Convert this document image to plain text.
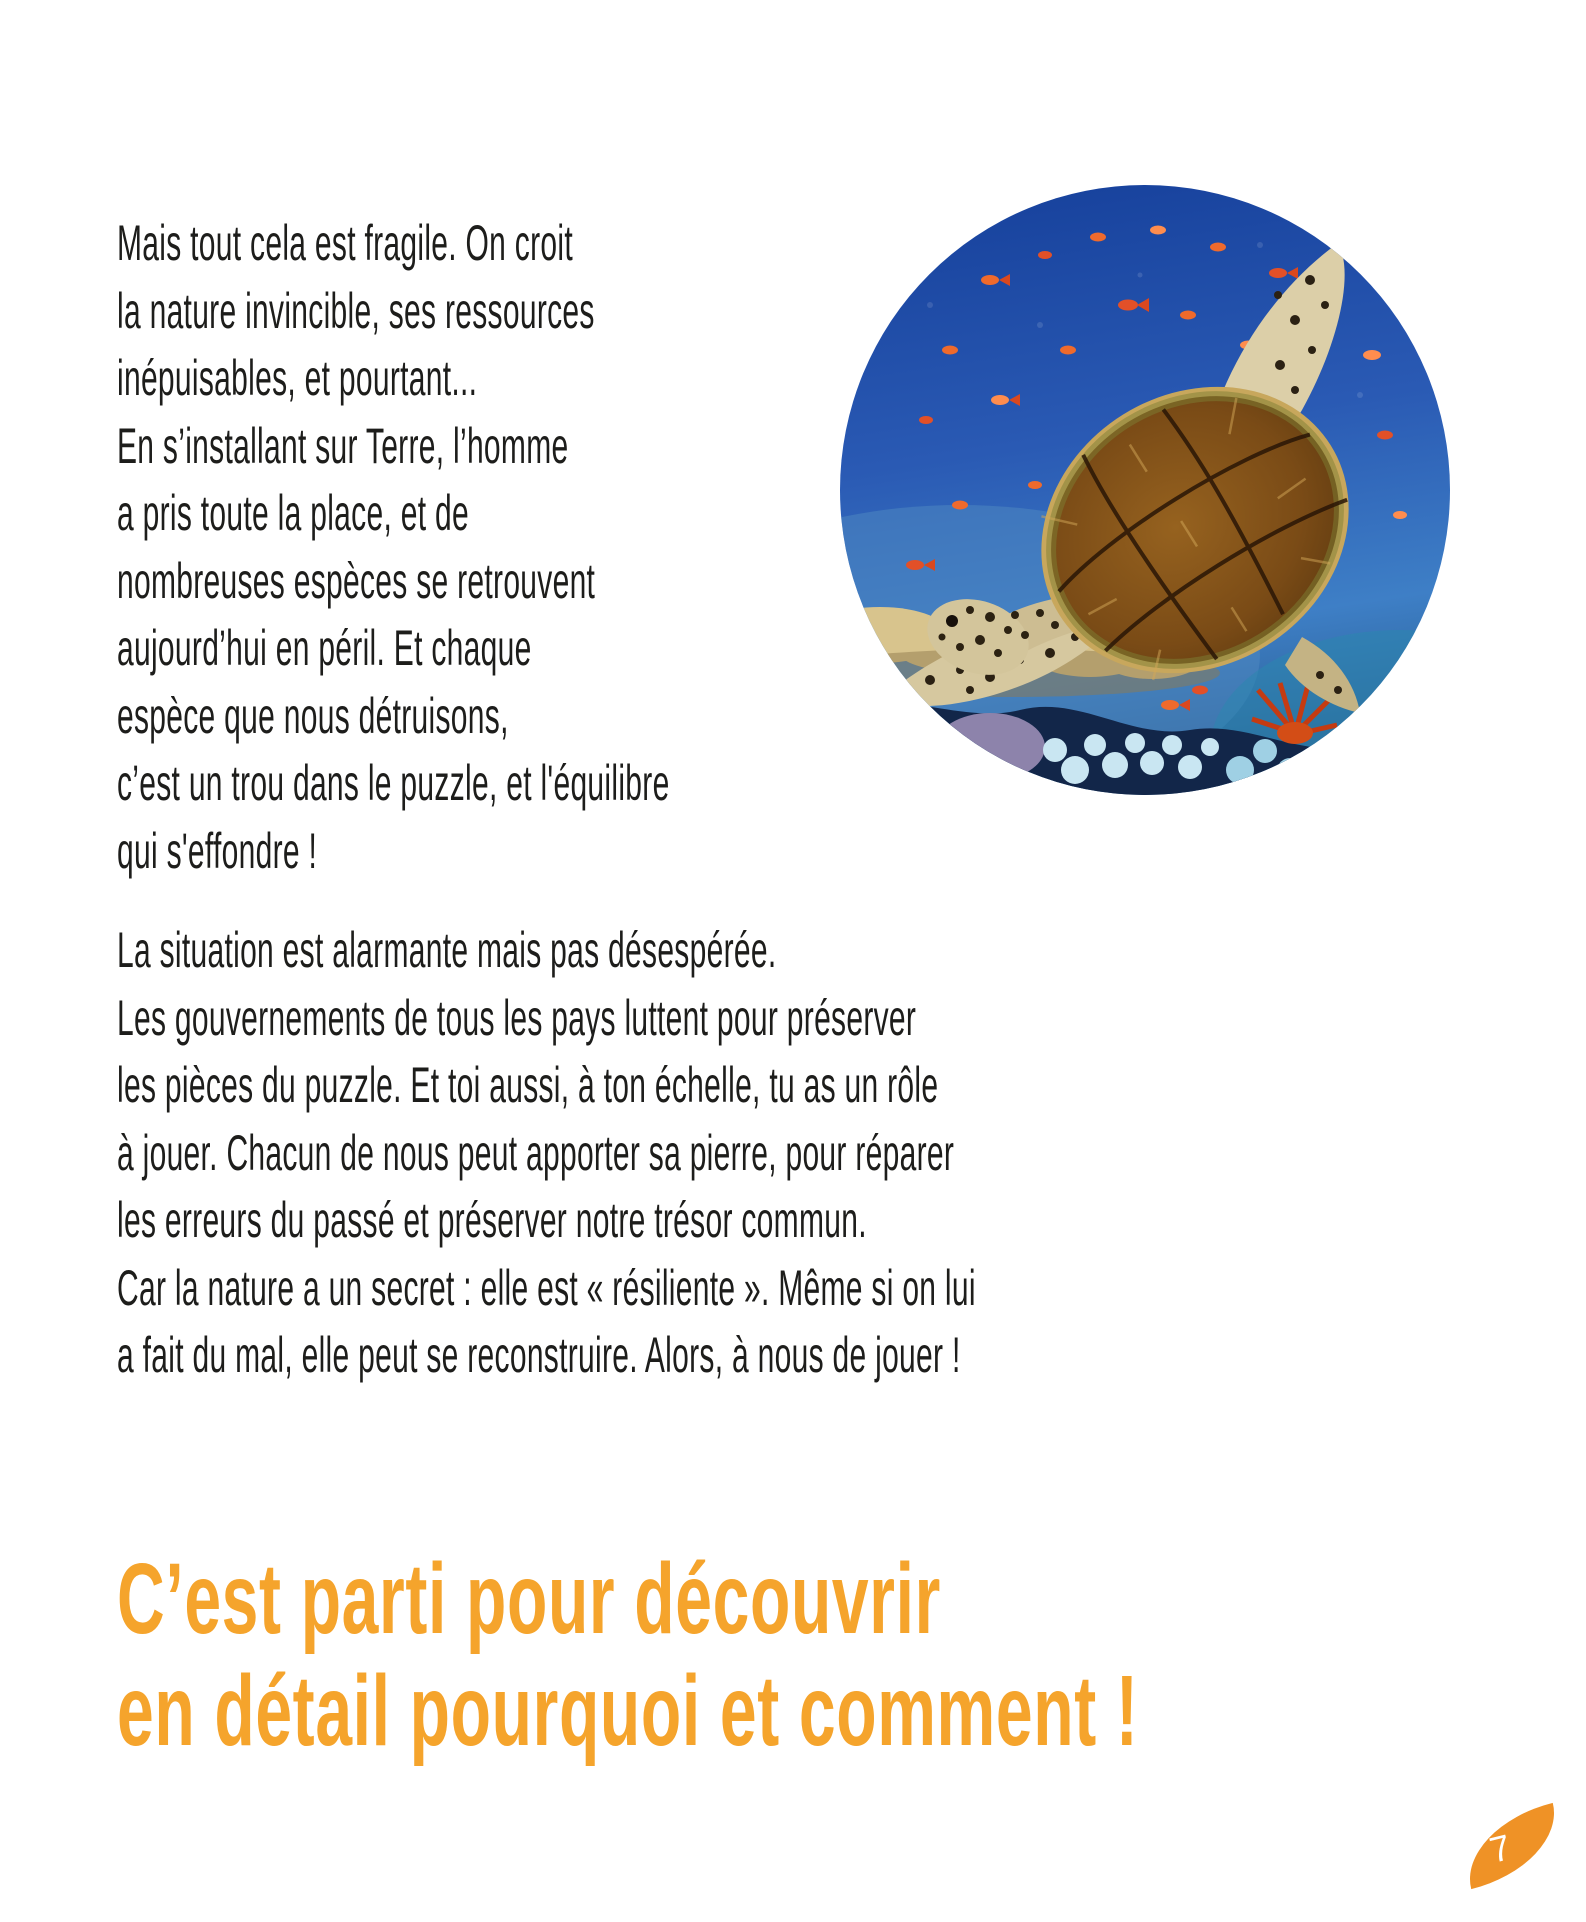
Mais tout cela est fragile. On croit
la nature invincible, ses ressources
inépuisables, et pourtant...
En s’installant sur Terre, l’homme
a pris toute la place, et de
nombreuses espèces se retrouvent
aujourd’hui en péril. Et chaque
espèce que nous détruisons,
c’est un trou dans le puzzle, et l'équilibre
qui s'effondre !
La situation est alarmante mais pas désespérée.
Les gouvernements de tous les pays luttent pour préserver
les pièces du puzzle. Et toi aussi, à ton échelle, tu as un rôle
à jouer. Chacun de nous peut apporter sa pierre, pour réparer
les erreurs du passé et préserver notre trésor commun.
Car la nature a un secret : elle est « résiliente ». Même si on lui
a fait du mal, elle peut se reconstruire. Alors, à nous de jouer !
C’est parti pour découvrir
en détail pourquoi et comment !
7
